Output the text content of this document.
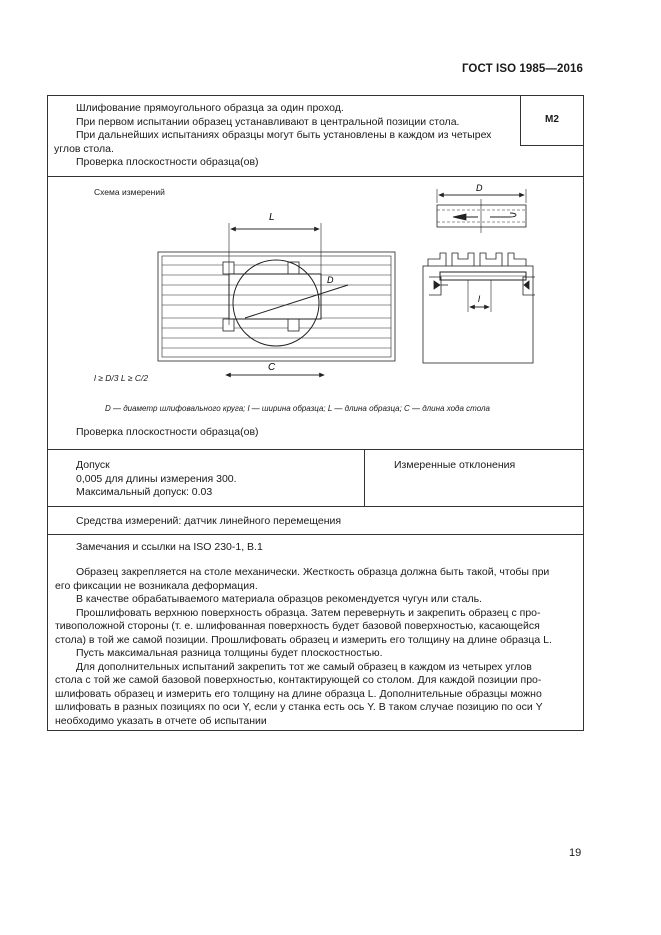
ГОСТ ISO 1985—2016
M2
Шлифование прямоугольного образца за один проход.
При первом испытании образец устанавливают в центральной позиции стола.
При дальнейших испытаниях образцы могут быть установлены в каждом из четырех
углов стола.
Проверка плоскостности образца(ов)
Схема измерений
L
D
C
D
l
l ≥ D/3 L ≥ C/2
D — диаметр шлифовального круга; l — ширина образца; L — длина образца; C — длина хода стола
Проверка плоскостности образца(ов)
Допуск
0,005 для длины измерения 300.
Максимальный допуск: 0.03
Измеренные отклонения
Средства измерений: датчик линейного перемещения
Замечания и ссылки на ISO 230-1, В.1
Образец закрепляется на столе механически. Жесткость образца должна быть такой, чтобы при
его фиксации не возникала деформация.
В качестве обрабатываемого материала образцов рекомендуется чугун или сталь.
Прошлифовать верхнюю поверхность образца. Затем перевернуть и закрепить образец с про-
тивоположной стороны (т. е. шлифованная поверхность будет базовой поверхностью, касающейся
стола) в той же самой позиции. Прошлифовать образец и измерить его толщину на длине образца L.
Пусть максимальная разница толщины будет плоскостностью.
Для дополнительных испытаний закрепить тот же самый образец в каждом из четырех углов
стола с той же самой базовой поверхностью, контактирующей со столом. Для каждой позиции про-
шлифовать образец и измерить его толщину на длине образца L. Дополнительные образцы можно
шлифовать в разных позициях по оси Y, если у станка есть ось Y. В таком случае позицию по оси Y
необходимо указать в отчете об испытании
19
